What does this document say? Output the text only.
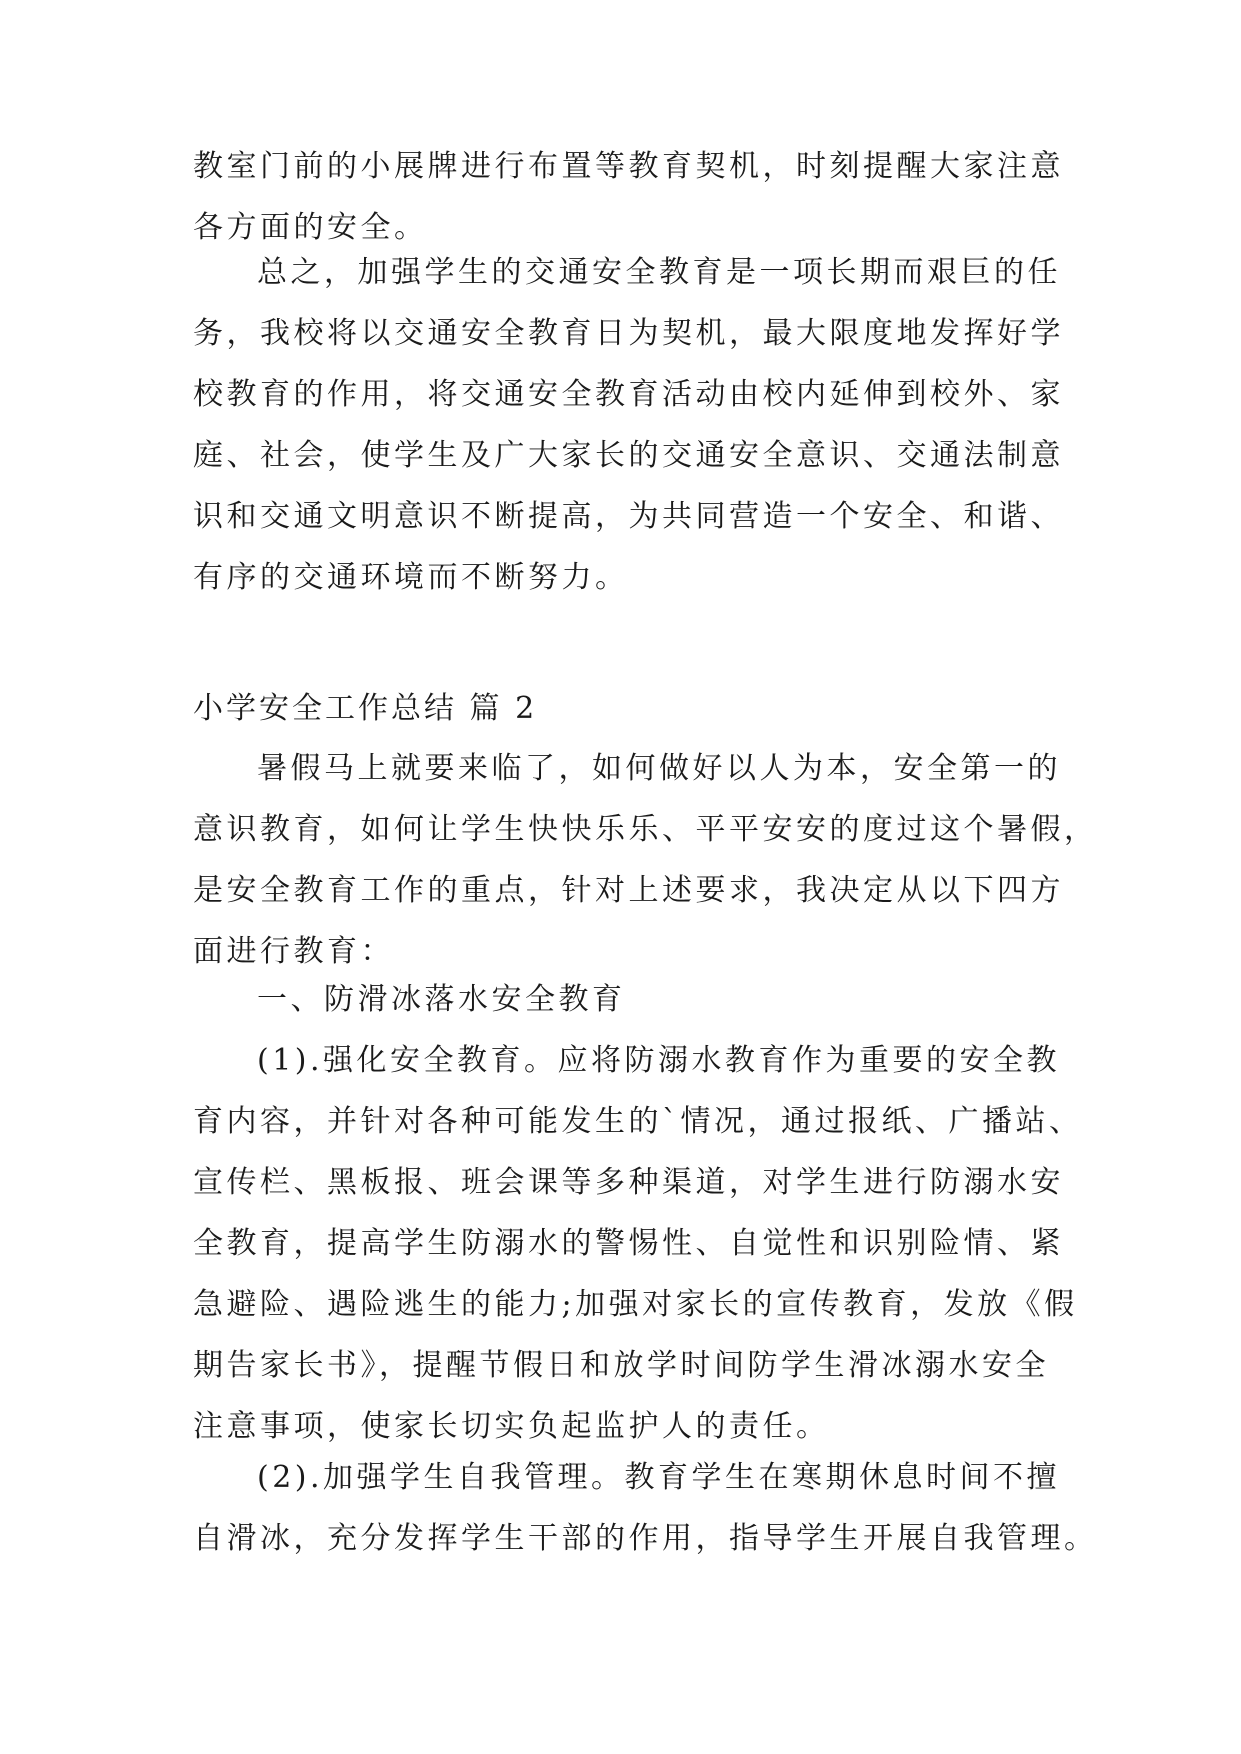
教室门前的小展牌进行布置等教育契机，时刻提醒大家注意
各方面的安全。
总之，加强学生的交通安全教育是一项长期而艰巨的任
务，我校将以交通安全教育日为契机，最大限度地发挥好学
校教育的作用，将交通安全教育活动由校内延伸到校外、家
庭、社会，使学生及广大家长的交通安全意识、交通法制意
识和交通文明意识不断提高，为共同营造一个安全、和谐、
有序的交通环境而不断努力。
小学安全工作总结 篇 2
暑假马上就要来临了，如何做好以人为本，安全第一的
意识教育，如何让学生快快乐乐、平平安安的度过这个暑假，
是安全教育工作的重点，针对上述要求，我决定从以下四方
面进行教育：
一、防滑冰落水安全教育
(1).强化安全教育。应将防溺水教育作为重要的安全教
育内容，并针对各种可能发生的`情况，通过报纸、广播站、
宣传栏、黑板报、班会课等多种渠道，对学生进行防溺水安
全教育，提高学生防溺水的警惕性、自觉性和识别险情、紧
急避险、遇险逃生的能力;加强对家长的宣传教育，发放《假
期告家长书》，提醒节假日和放学时间防学生滑冰溺水安全
注意事项，使家长切实负起监护人的责任。
(2).加强学生自我管理。教育学生在寒期休息时间不擅
自滑冰，充分发挥学生干部的作用，指导学生开展自我管理。
